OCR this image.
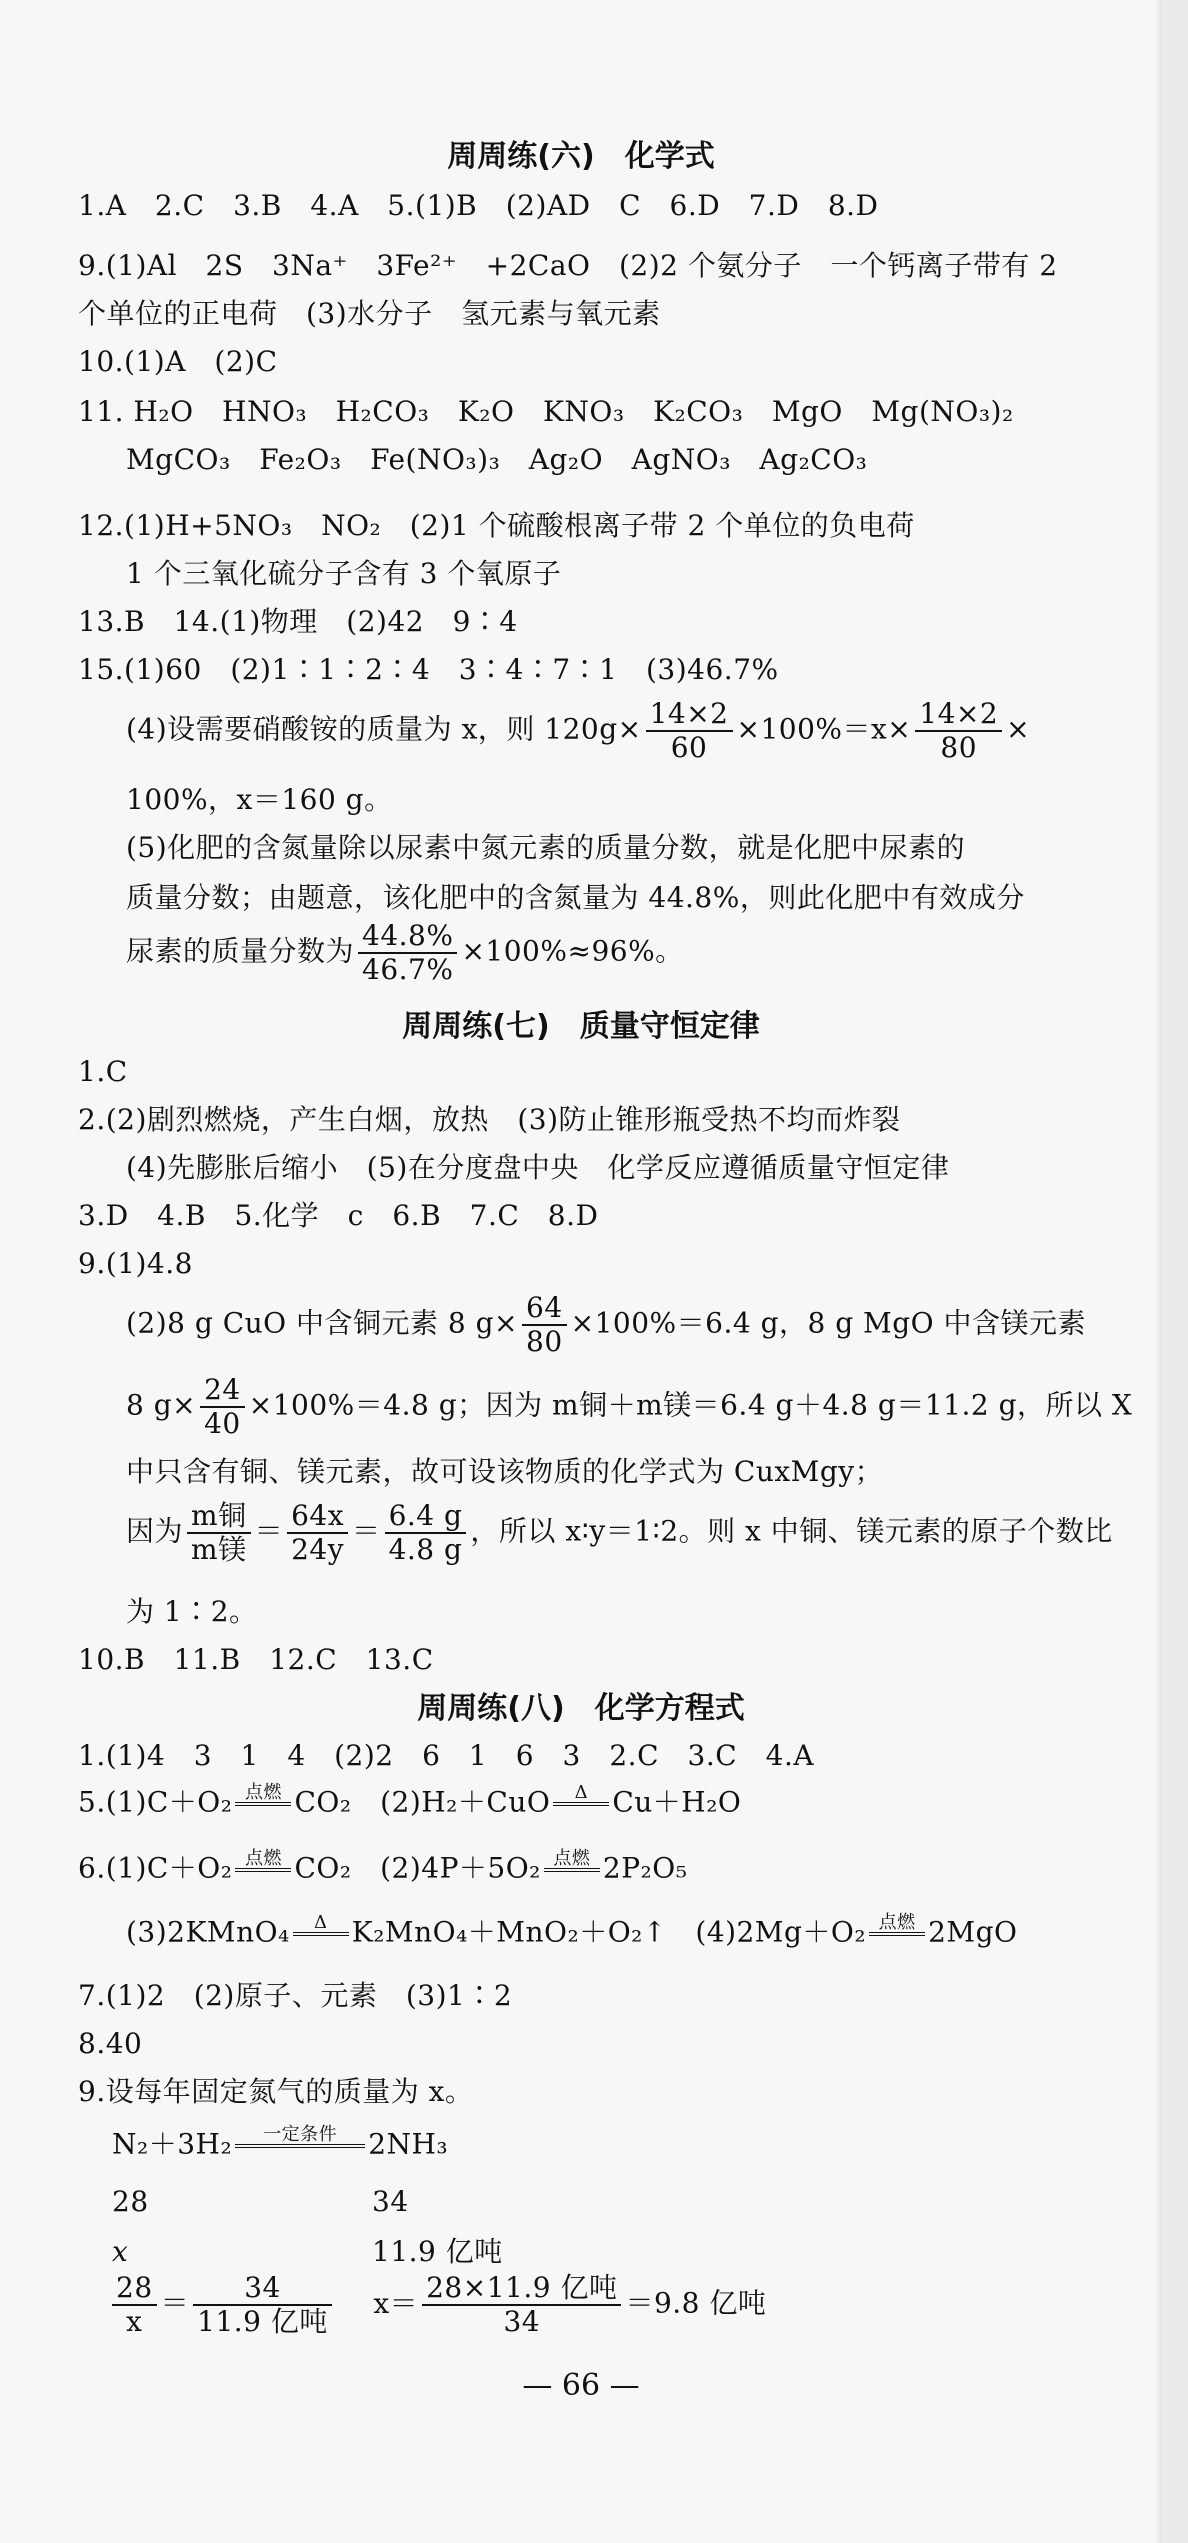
周周练(六)　化学式
1.A　2.C　3.B　4.A　5.(1)B　(2)AD　C　6.D　7.D　8.D
9.(1)Al　2S　3Na⁺　3Fe²⁺　+2CaO　(2)2 个氨分子　一个钙离子带有 2
个单位的正电荷　(3)水分子　氢元素与氧元素
10.(1)A　(2)C
11. H₂O　HNO₃　H₂CO₃　K₂O　KNO₃　K₂CO₃　MgO　Mg(NO₃)₂
MgCO₃　Fe₂O₃　Fe(NO₃)₃　Ag₂O　AgNO₃　Ag₂CO₃
12.(1)H+5NO₃　NO₂　(2)1 个硫酸根离子带 2 个单位的负电荷
1 个三氧化硫分子含有 3 个氧原子
13.B　14.(1)物理　(2)42　9∶4
15.(1)60　(2)1∶1∶2∶4　3∶4∶7∶1　(3)46.7%
(4)设需要硝酸铵的质量为 x，则 $120g\times \frac{14\times 2}{60} \times 100\%=x\times \frac{14\times 2}{80}$ ×
100%，x＝160 g。
(5)化肥的含氮量除以尿素中氮元素的质量分数，就是化肥中尿素的
质量分数；由题意，该化肥中的含氮量为 44.8%，则此化肥中有效成分
尿素的质量分数为 $\frac{44.8\%}{46.7\%} \times 100\%\approx 96\%$。
周周练(七)　质量守恒定律
1.C
2.(2)剧烈燃烧，产生白烟，放热　(3)防止锥形瓶受热不均而炸裂
(4)先膨胀后缩小　(5)在分度盘中央　化学反应遵循质量守恒定律
3.D　4.B　5.化学　c　6.B　7.C　8.D
9.(1)4.8
(2)8 g CuO 中含铜元素 8 $g\times \frac{64}{80} \times 100\%=6.4$ g，8 g MgO 中含镁元素
8 $g\times \frac{24}{40} \times 100\%=4.8$ g；因为 m铜＋m镁＝6.4 g＋4.8 g＝11.2 g，所以 X
中只含有铜、镁元素，故可设该物质的化学式为 CuxMgy；
因为 $\frac{\text{m铜}}{\text{m镁}} = \frac{64x}{24y} = \frac{6.4 g}{4.8 g}$ ，所以 x∶y＝1∶2。则 x 中铜、镁元素的原子个数比
为 1∶2。
10.B　11.B　12.C　13.C
周周练(八)　化学方程式
1.(1)4　3　1　4　(2)2　6　1　6　3　2.C　3.C　4.A
5.(1)C＋O₂ 点燃 CO₂　(2)H₂＋CuO	Δ Cu＋H₂O
6.(1)C＋O₂ 点燃 CO₂　(2)4P＋5O₂ 点燃 2P₂O₅
(3)2KMnO₄	Δ K₂MnO₄＋MnO₂＋O₂↑　(4)2Mg＋O₂ 点燃 2MgO
7.(1)2　(2)原子、元素　(3)1∶2
8.40
9.设每年固定氮气的质量为 x。
N₂＋3H₂	一定条件	2NH₃
28	34
x	11.9 亿吨
$\frac{28}{x} = \frac{34}{\text{11.9 亿吨}} x= \frac{\text{28×11.9 亿吨}}{34} =9.8$ 亿吨
— 66 —
